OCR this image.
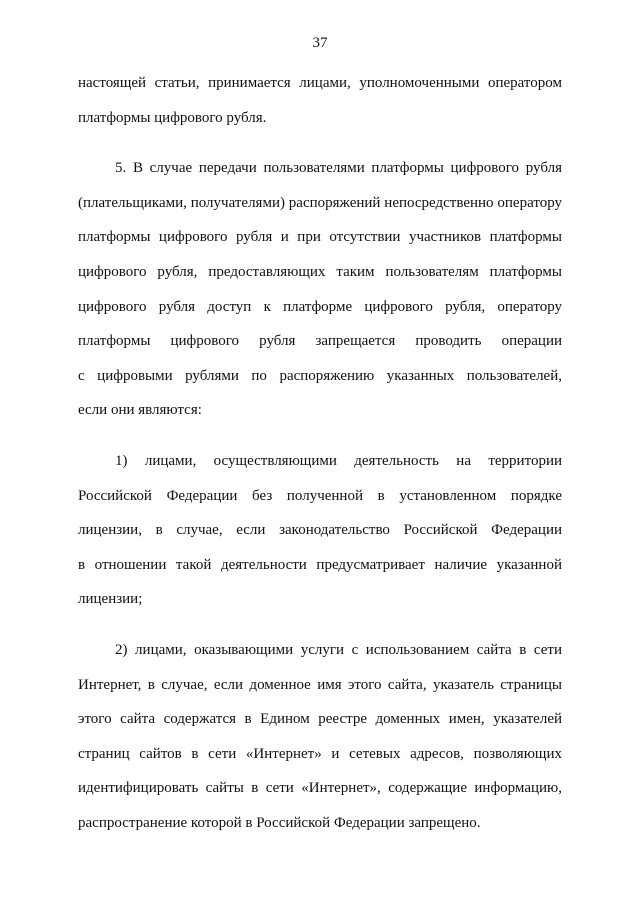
37
настоящей статьи, принимается лицами, уполномоченными оператором
платформы цифрового рубля.
5. В случае передачи пользователями платформы цифрового рубля
(плательщиками, получателями) распоряжений непосредственно оператору
платформы цифрового рубля и при отсутствии участников платформы
цифрового рубля, предоставляющих таким пользователям платформы
цифрового рубля доступ к платформе цифрового рубля, оператору
платформы цифрового рубля запрещается проводить операции
с цифровыми рублями по распоряжению указанных пользователей,
если они являются:
1) лицами, осуществляющими деятельность на территории
Российской Федерации без полученной в установленном порядке
лицензии, в случае, если законодательство Российской Федерации
в отношении такой деятельности предусматривает наличие указанной
лицензии;
2) лицами, оказывающими услуги с использованием сайта в сети
Интернет, в случае, если доменное имя этого сайта, указатель страницы
этого сайта содержатся в Едином реестре доменных имен, указателей
страниц сайтов в сети «Интернет» и сетевых адресов, позволяющих
идентифицировать сайты в сети «Интернет», содержащие информацию,
распространение которой в Российской Федерации запрещено.
